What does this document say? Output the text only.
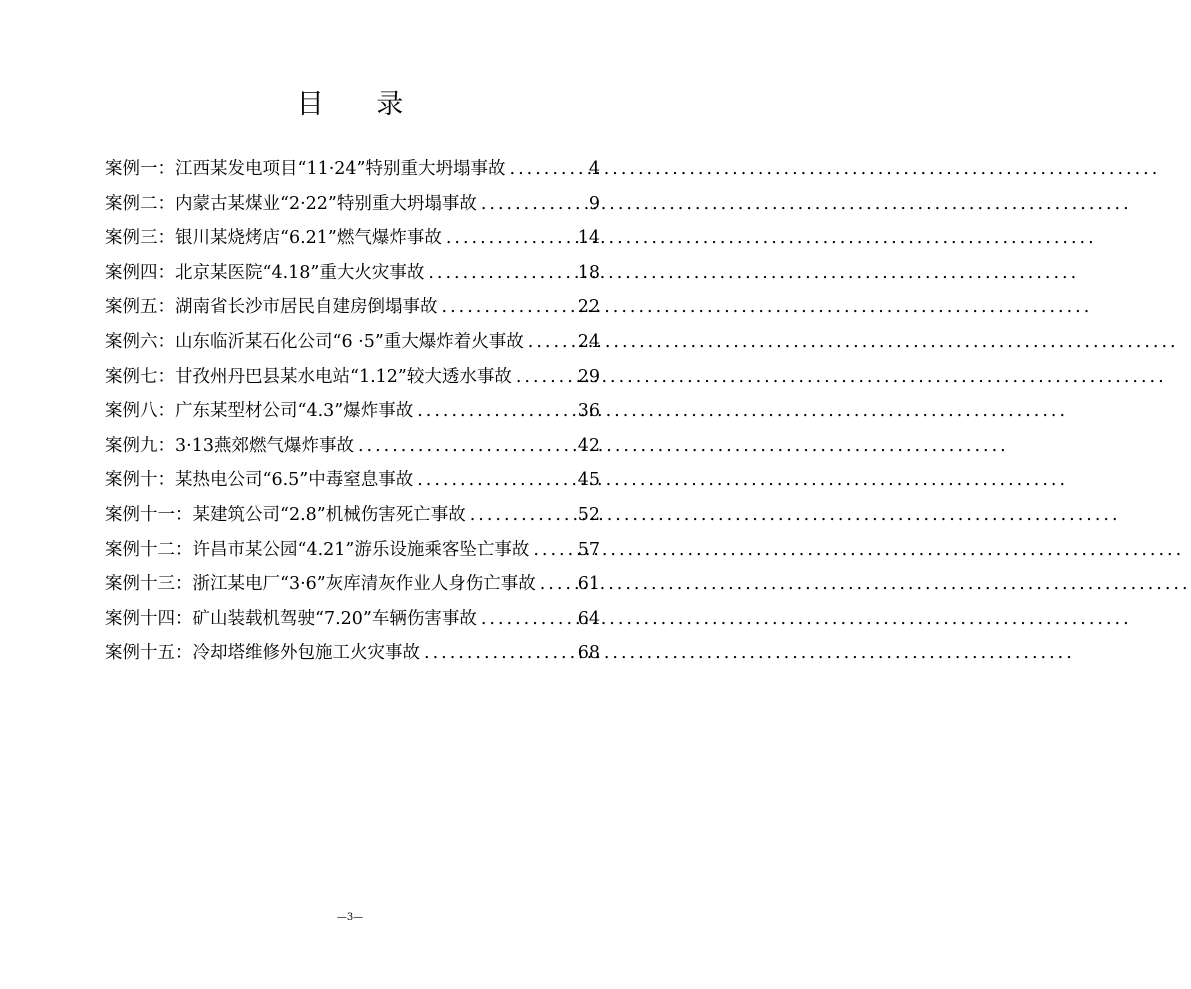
目 录
案例一： 江西某发电项目“11·24”特别重大坍塌事故 .....	4
案例二： 内蒙古某煤业“2·22”特别重大坍塌事故 .....	9
案例三： 银川某烧烤店“6.21”燃气爆炸事故 .....	14
案例四： 北京某医院“4.18”重大火灾事故 .....	18
案例五： 湖南省长沙市居民自建房倒塌事故 .....	22
案例六： 山东临沂某石化公司“6 ·5”重大爆炸着火事故 .....	24
案例七： 甘孜州丹巴县某水电站“1.12”较大透水事故 .....	29
案例八： 广东某型材公司“4.3”爆炸事故 .....	36
案例九： 3·13燕郊燃气爆炸事故 .....	42
案例十： 某热电公司“6.5”中毒窒息事故 .....	45
案例十一： 某建筑公司“2.8”机械伤害死亡事故 .....	52
案例十二： 许昌市某公园“4.21”游乐设施乘客坠亡事故 .....	57
案例十三： 浙江某电厂“3·6”灰库清灰作业人身伤亡事故 ..... 61
案例十四： 矿山装载机驾驶“7.20”车辆伤害事故 .....	64
案例十五： 冷却塔维修外包施工火灾事故 .....	68
—3—
